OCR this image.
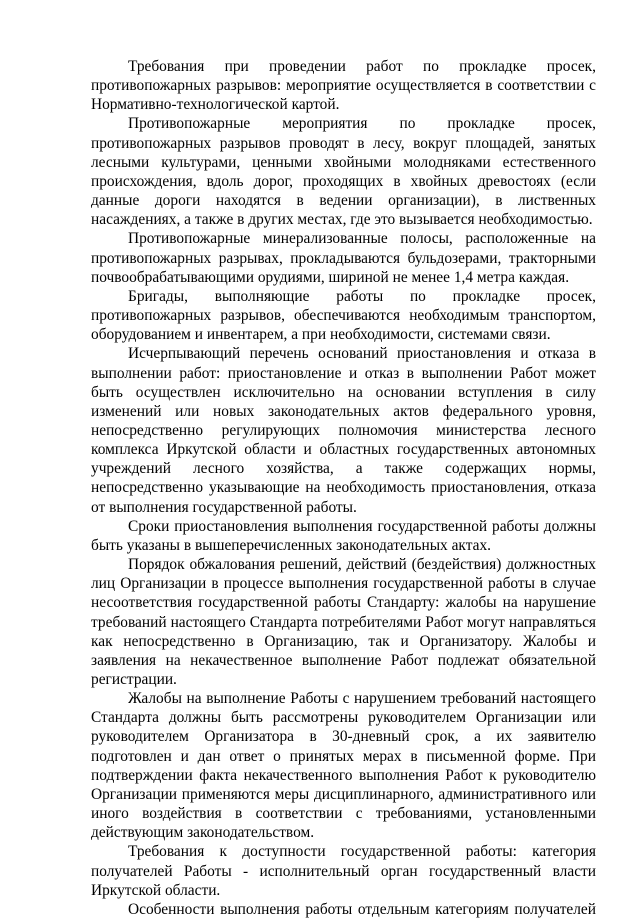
Требования при проведении работ по прокладке просек, противопожарных разрывов: мероприятие осуществляется в соответствии с Нормативно-технологической картой.

Противопожарные мероприятия по прокладке просек, противопожарных разрывов проводят в лесу, вокруг площадей, занятых лесными культурами, ценными хвойными молодняками естественного происхождения, вдоль дорог, проходящих в хвойных древостоях (если данные дороги находятся в ведении организации), в лиственных насаждениях, а также в других местах, где это вызывается необходимостью.

Противопожарные минерализованные полосы, расположенные на противопожарных разрывах, прокладываются бульдозерами, тракторными почвообрабатывающими орудиями, шириной не менее 1,4 метра каждая.

Бригады, выполняющие работы по прокладке просек, противопожарных разрывов, обеспечиваются необходимым транспортом, оборудованием и инвентарем, а при необходимости, системами связи.

Исчерпывающий перечень оснований приостановления и отказа в выполнении работ: приостановление и отказ в выполнении Работ может быть осуществлен исключительно на основании вступления в силу изменений или новых законодательных актов федерального уровня, непосредственно регулирующих полномочия министерства лесного комплекса Иркутской области и областных государственных автономных учреждений лесного хозяйства, а также содержащих нормы, непосредственно указывающие на необходимость приостановления, отказа от выполнения государственной работы.

Сроки приостановления выполнения государственной работы должны быть указаны в вышеперечисленных законодательных актах.

Порядок обжалования решений, действий (бездействия) должностных лиц Организации в процессе выполнения государственной работы в случае несоответствия государственной работы Стандарту: жалобы на нарушение требований настоящего Стандарта потребителями Работ могут направляться как непосредственно в Организацию, так и Организатору. Жалобы и заявления на некачественное выполнение Работ подлежат обязательной регистрации.

Жалобы на выполнение Работы с нарушением требований настоящего Стандарта должны быть рассмотрены руководителем Организации или руководителем Организатора в 30-дневный срок, а их заявителю подготовлен и дан ответ о принятых мерах в письменной форме. При подтверждении факта некачественного выполнения Работ к руководителю Организации применяются меры дисциплинарного, административного или иного воздействия в соответствии с требованиями, установленными действующим законодательством.

Требования к доступности государственной работы: категория получателей Работы - исполнительный орган государственный власти Иркутской области.

Особенности выполнения работы отдельным категориям получателей
